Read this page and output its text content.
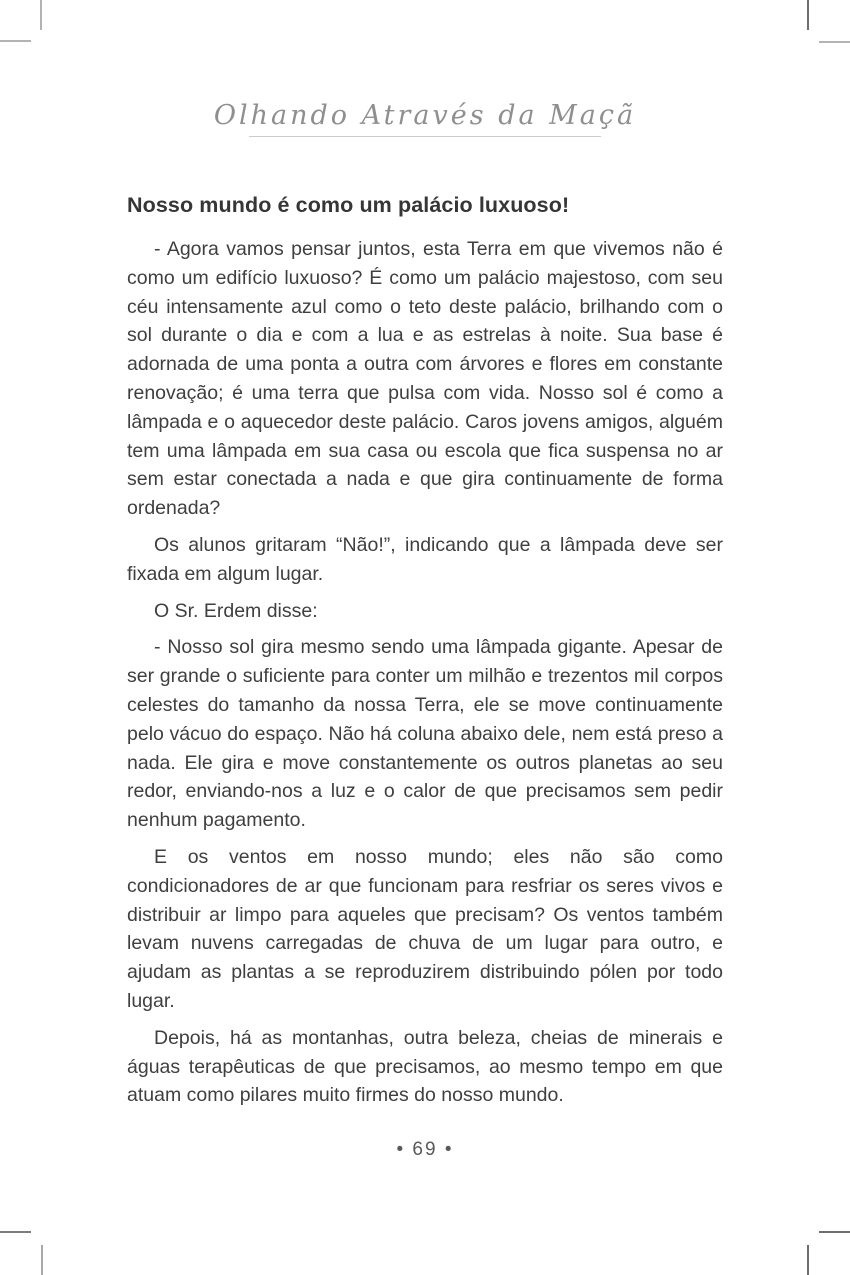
Olhando Através da Maçã
Nosso mundo é como um palácio luxuoso!

- Agora vamos pensar juntos, esta Terra em que vivemos não é como um edifício luxuoso? É como um palácio majestoso, com seu céu intensamente azul como o teto deste palácio, brilhando com o sol durante o dia e com a lua e as estrelas à noite. Sua base é adornada de uma ponta a outra com árvores e flores em constante renovação; é uma terra que pulsa com vida. Nosso sol é como a lâmpada e o aquecedor deste palácio. Caros jovens amigos, alguém tem uma lâmpada em sua casa ou escola que fica suspensa no ar sem estar conectada a nada e que gira continuamente de forma ordenada?

Os alunos gritaram “Não!”, indicando que a lâmpada deve ser fixada em algum lugar.

O Sr. Erdem disse:

- Nosso sol gira mesmo sendo uma lâmpada gigante. Apesar de ser grande o suficiente para conter um milhão e trezentos mil corpos celestes do tamanho da nossa Terra, ele se move continuamente pelo vácuo do espaço. Não há coluna abaixo dele, nem está preso a nada. Ele gira e move constantemente os outros planetas ao seu redor, enviando-nos a luz e o calor de que precisamos sem pedir nenhum pagamento.

E os ventos em nosso mundo; eles não são como condicionadores de ar que funcionam para resfriar os seres vivos e distribuir ar limpo para aqueles que precisam? Os ventos também levam nuvens carregadas de chuva de um lugar para outro, e ajudam as plantas a se reproduzirem distribuindo pólen por todo lugar.

Depois, há as montanhas, outra beleza, cheias de minerais e águas terapêuticas de que precisamos, ao mesmo tempo em que atuam como pilares muito firmes do nosso mundo.

• 69 •
